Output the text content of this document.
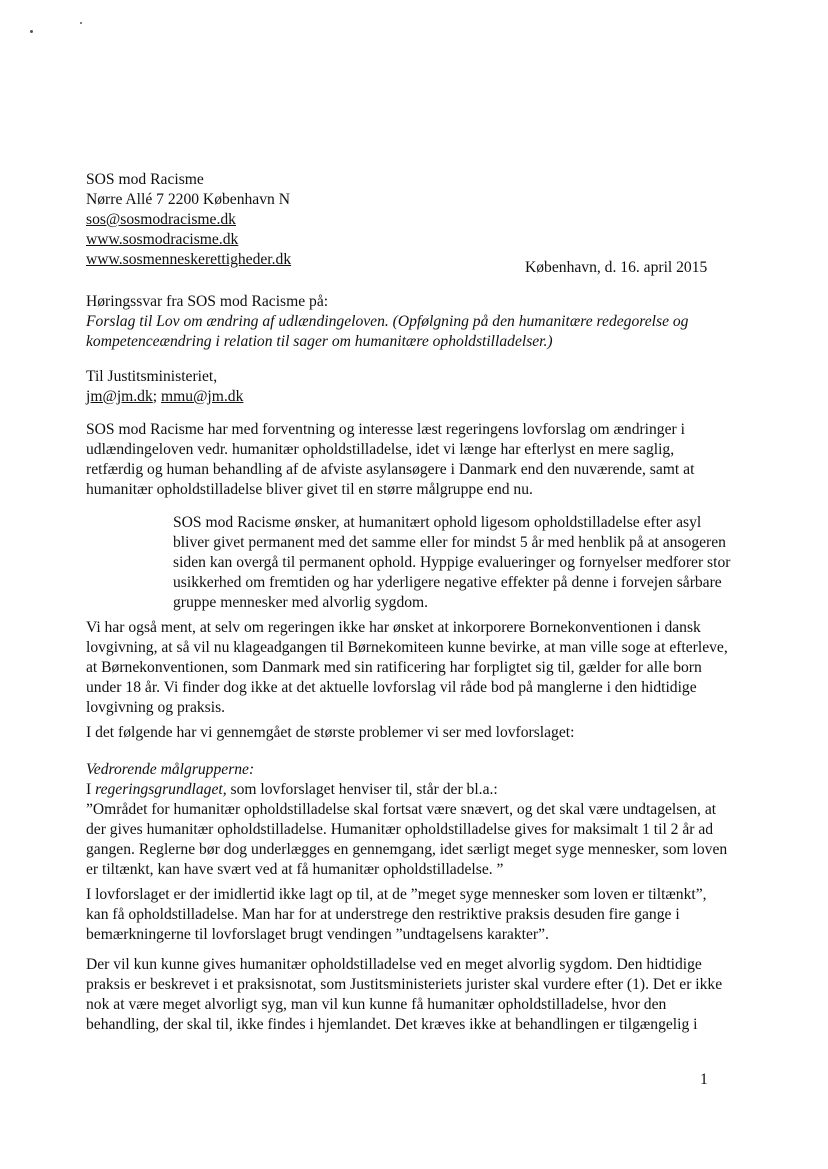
SOS mod Racisme
Nørre Allé 7 2200 København N
sos@sosmodracisme.dk
www.sosmodracisme.dk
www.sosmenneskerettigheder.dk	København, d. 16. april 2015
Høringssvar fra SOS mod Racisme på:
Forslag til Lov om ændring af udlændingeloven. (Opfølgning på den humanitære redegorelse og kompetenceændring i relation til sager om humanitære opholdstilladelser.)
Til Justitsministeriet,
jm@jm.dk; mmu@jm.dk
SOS mod Racisme har med forventning og interesse læst regeringens lovforslag om ændringer i udlændingeloven vedr. humanitær opholdstilladelse, idet vi længe har efterlyst en mere saglig, retfærdig og human behandling af de afviste asylansøgere i Danmark end den nuværende, samt at humanitær opholdstilladelse bliver givet til en større målgruppe end nu.
SOS mod Racisme ønsker, at humanitært ophold ligesom opholdstilladelse efter asyl bliver givet permanent med det samme eller for mindst 5 år med henblik på at ansogeren siden kan overgå til permanent ophold. Hyppige evalueringer og fornyelser medforer stor usikkerhed om fremtiden og har yderligere negative effekter på denne i forvejen sårbare gruppe mennesker med alvorlig sygdom.
Vi har også ment, at selv om regeringen ikke har ønsket at inkorporere Bornekonventionen i dansk lovgivning, at så vil nu klageadgangen til Børnekomiteen kunne bevirke, at man ville soge at efterleve, at Børnekonventionen, som Danmark med sin ratificering har forpligtet sig til, gælder for alle born under 18 år. Vi finder dog ikke at det aktuelle lovforslag vil råde bod på manglerne i den hidtidige lovgivning og praksis.
I det følgende har vi gennemgået de største problemer vi ser med lovforslaget:
Vedrorende målgrupperne:
I regeringsgrundlaget, som lovforslaget henviser til, står der bl.a.:
”Området for humanitær opholdstilladelse skal fortsat være snævert, og det skal være undtagelsen, at der gives humanitær opholdstilladelse. Humanitær opholdstilladelse gives for maksimalt 1 til 2 år ad gangen. Reglerne bør dog underlægges en gennemgang, idet særligt meget syge mennesker, som loven er tiltænkt, kan have svært ved at få humanitær opholdstilladelse. ”
I lovforslaget er der imidlertid ikke lagt op til, at de ”meget syge mennesker som loven er tiltænkt”, kan få opholdstilladelse. Man har for at understrege den restriktive praksis desuden fire gange i bemærkningerne til lovforslaget brugt vendingen ”undtagelsens karakter”.
Der vil kun kunne gives humanitær opholdstilladelse ved en meget alvorlig sygdom. Den hidtidige praksis er beskrevet i et praksisnotat, som Justitsministeriets jurister skal vurdere efter (1). Det er ikke nok at være meget alvorligt syg, man vil kun kunne få humanitær opholdstilladelse, hvor den behandling, der skal til, ikke findes i hjemlandet. Det kræves ikke at behandlingen er tilgængelig i
1
